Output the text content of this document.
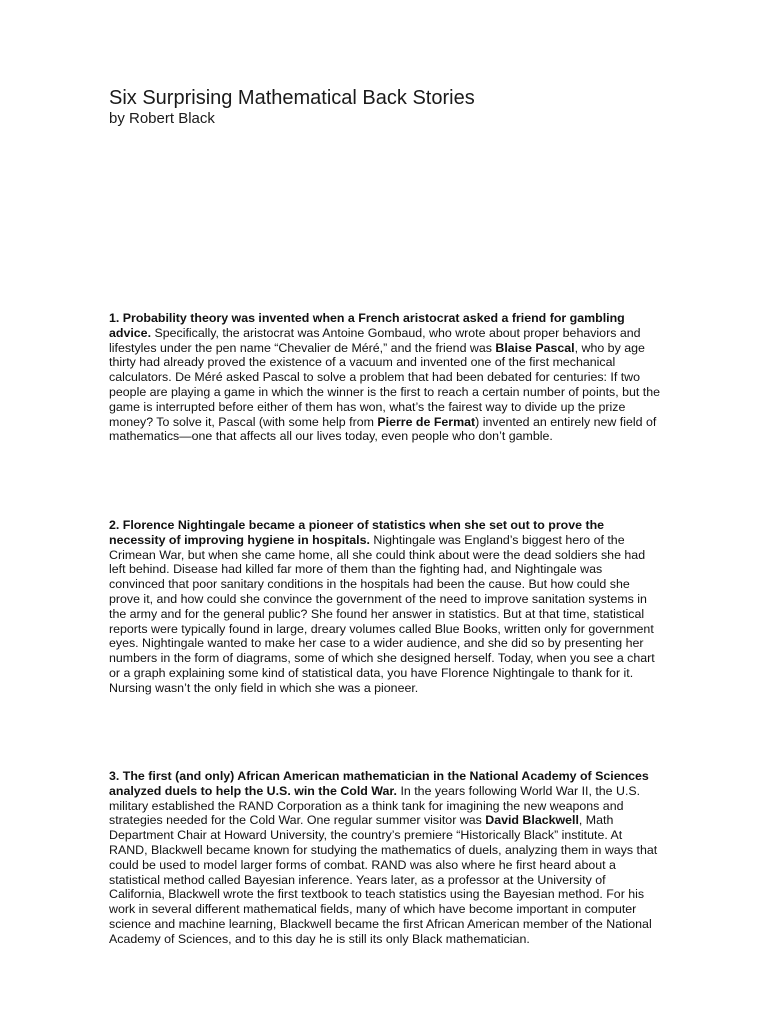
Six Surprising Mathematical Back Stories

by Robert Black

1. Probability theory was invented when a French aristocrat asked a friend for gambling advice. Specifically, the aristocrat was Antoine Gombaud, who wrote about proper behaviors and lifestyles under the pen name “Chevalier de Méré,” and the friend was Blaise Pascal, who by age thirty had already proved the existence of a vacuum and invented one of the first mechanical calculators. De Méré asked Pascal to solve a problem that had been debated for centuries: If two people are playing a game in which the winner is the first to reach a certain number of points, but the game is interrupted before either of them has won, what’s the fairest way to divide up the prize money? To solve it, Pascal (with some help from Pierre de Fermat) invented an entirely new field of mathematics—one that affects all our lives today, even people who don’t gamble.

2. Florence Nightingale became a pioneer of statistics when she set out to prove the necessity of improving hygiene in hospitals. Nightingale was England’s biggest hero of the Crimean War, but when she came home, all she could think about were the dead soldiers she had left behind. Disease had killed far more of them than the fighting had, and Nightingale was convinced that poor sanitary conditions in the hospitals had been the cause. But how could she prove it, and how could she convince the government of the need to improve sanitation systems in the army and for the general public? She found her answer in statistics. But at that time, statistical reports were typically found in large, dreary volumes called Blue Books, written only for government eyes. Nightingale wanted to make her case to a wider audience, and she did so by presenting her numbers in the form of diagrams, some of which she designed herself. Today, when you see a chart or a graph explaining some kind of statistical data, you have Florence Nightingale to thank for it. Nursing wasn’t the only field in which she was a pioneer.

3. The first (and only) African American mathematician in the National Academy of Sciences analyzed duels to help the U.S. win the Cold War. In the years following World War II, the U.S. military established the RAND Corporation as a think tank for imagining the new weapons and strategies needed for the Cold War. One regular summer visitor was David Blackwell, Math Department Chair at Howard University, the country’s premiere “Historically Black” institute. At RAND, Blackwell became known for studying the mathematics of duels, analyzing them in ways that could be used to model larger forms of combat. RAND was also where he first heard about a statistical method called Bayesian inference. Years later, as a professor at the University of California, Blackwell wrote the first textbook to teach statistics using the Bayesian method. For his work in several different mathematical fields, many of which have become important in computer science and machine learning, Blackwell became the first African American member of the National Academy of Sciences, and to this day he is still its only Black mathematician.
